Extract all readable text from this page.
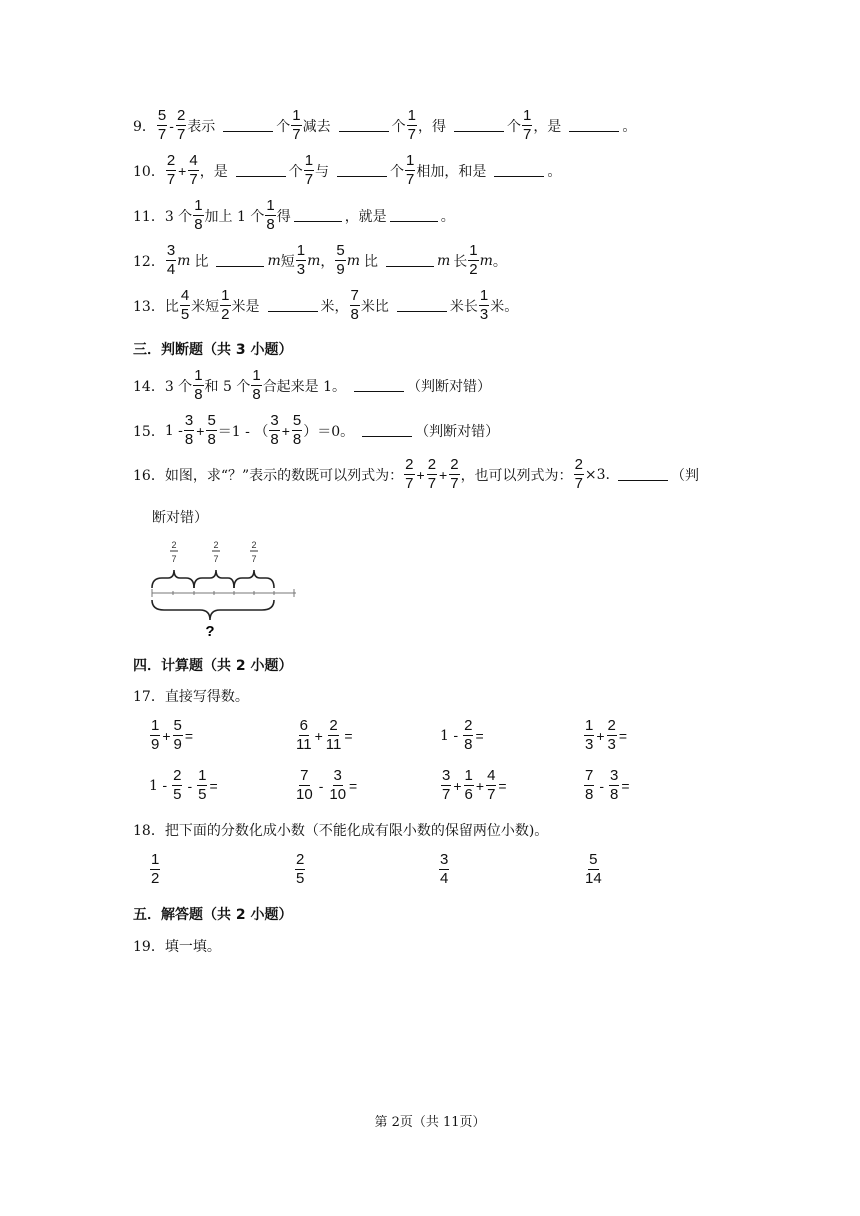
9． $\frac{5}{7} - \frac{2}{7}$ 表示	个 $\frac{1}{7}$ 减去	个 $\frac{1}{7}$ ，得	个 $\frac{1}{7}$ ，是	。
10． $\frac{2}{7} + \frac{4}{7}$ ，是	个 $\frac{1}{7}$ 与	个 $\frac{1}{7}$ 相加，和是	。
11． 3 个 $\frac{1}{8}$ 加上 1 个 $\frac{1}{8}$ 得	，就是	。
12． $\frac{3}{4}$ m 比	m 短 $\frac{1}{3}$ m ， $\frac{5}{9}$ m 比	m 长 $\frac{1}{2}$ m 。
13． 比 $\frac{4}{5}$ 米短 $\frac{1}{2}$ 米是	米， $\frac{7}{8}$ 米比	米长 $\frac{1}{3}$ 米。
三．判断题（共 3 小题）
14． 3 个 $\frac{1}{8}$ 和 5 个 $\frac{1}{8}$ 合起来是 1。	（判断对错）
15． $1 - \frac{3}{8} + \frac{5}{8} =1$ - （ $\frac{3}{8} + \frac{5}{8} )=0$。	（判断对错）
16． 如图，求“？”表示的数既可以列式为： $\frac{2}{7} + \frac{2}{7} + \frac{2}{7}$ ，也可以列式为： $\frac{2}{7} \times 3$.	（判
断对错）
2
7
2
7
2
7
?
四．计算题（共 2 小题）
17． 直接写得数。
$\frac{1}{9} + \frac{5}{9}$ =	$\frac{6}{11} + \frac{2}{11}$ =	$1 - \frac{2}{8}$ =	$\frac{1}{3} + \frac{2}{3}$ =
$1 - \frac{2}{5} - \frac{1}{5}$ =	$\frac{7}{10} - \frac{3}{10}$ =	$\frac{3}{7} + \frac{1}{6} + \frac{4}{7}$ =	$\frac{7}{8} - \frac{3}{8}$ =
18． 把下面的分数化成小数（不能化成有限小数的保留两位小数)。
$\frac{1}{2}$	$\frac{2}{5}$	$\frac{3}{4}$	$\frac{5}{14}$
五．解答题（共 2 小题）
19． 填一填。
第 2页（共 11页）
